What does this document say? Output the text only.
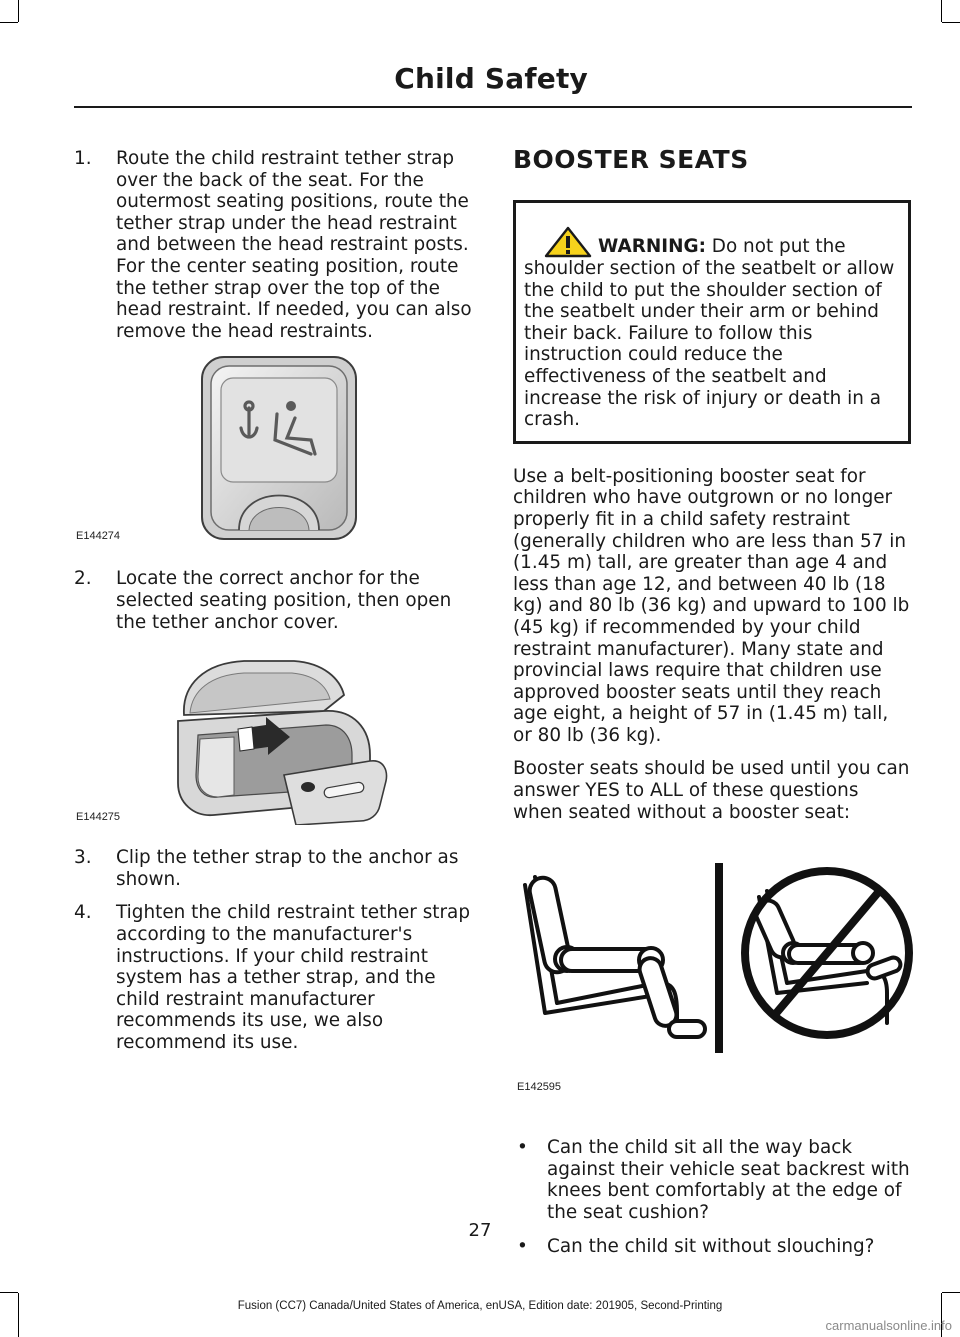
Child Safety
1. Route the child restraint tether strap over the back of the seat. For the outermost seating positions, route the tether strap under the head restraint and between the head restraint posts. For the center seating position, route the tether strap over the top of the head restraint. If needed, you can also remove the head restraints.
E144274
2. Locate the correct anchor for the selected seating position, then open the tether anchor cover.
E144275
3. Clip the tether strap to the anchor as shown.
4. Tighten the child restraint tether strap according to the manufacturer's instructions. If your child restraint system has a tether strap, and the child restraint manufacturer recommends its use, we also recommend its use.
BOOSTER SEATS
WARNING: Do not put the shoulder section of the seatbelt or allow the child to put the shoulder section of the seatbelt under their arm or behind their back. Failure to follow this instruction could reduce the effectiveness of the seatbelt and increase the risk of injury or death in a crash.

Use a belt-positioning booster seat for children who have outgrown or no longer properly fit in a child safety restraint (generally children who are less than 57 in (1.45 m) tall, are greater than age 4 and less than age 12, and between 40 lb (18 kg) and 80 lb (36 kg) and upward to 100 lb (45 kg) if recommended by your child restraint manufacturer). Many state and provincial laws require that children use approved booster seats until they reach age eight, a height of 57 in (1.45 m) tall, or 80 lb (36 kg).

Booster seats should be used until you can answer YES to ALL of these questions when seated without a booster seat:

E142595
• Can the child sit all the way back against their vehicle seat backrest with knees bent comfortably at the edge of the seat cushion?
• Can the child sit without slouching?

27

Fusion (CC7) Canada/United States of America, enUSA, Edition date: 201905, Second-Printing

carmanualsonline.info
